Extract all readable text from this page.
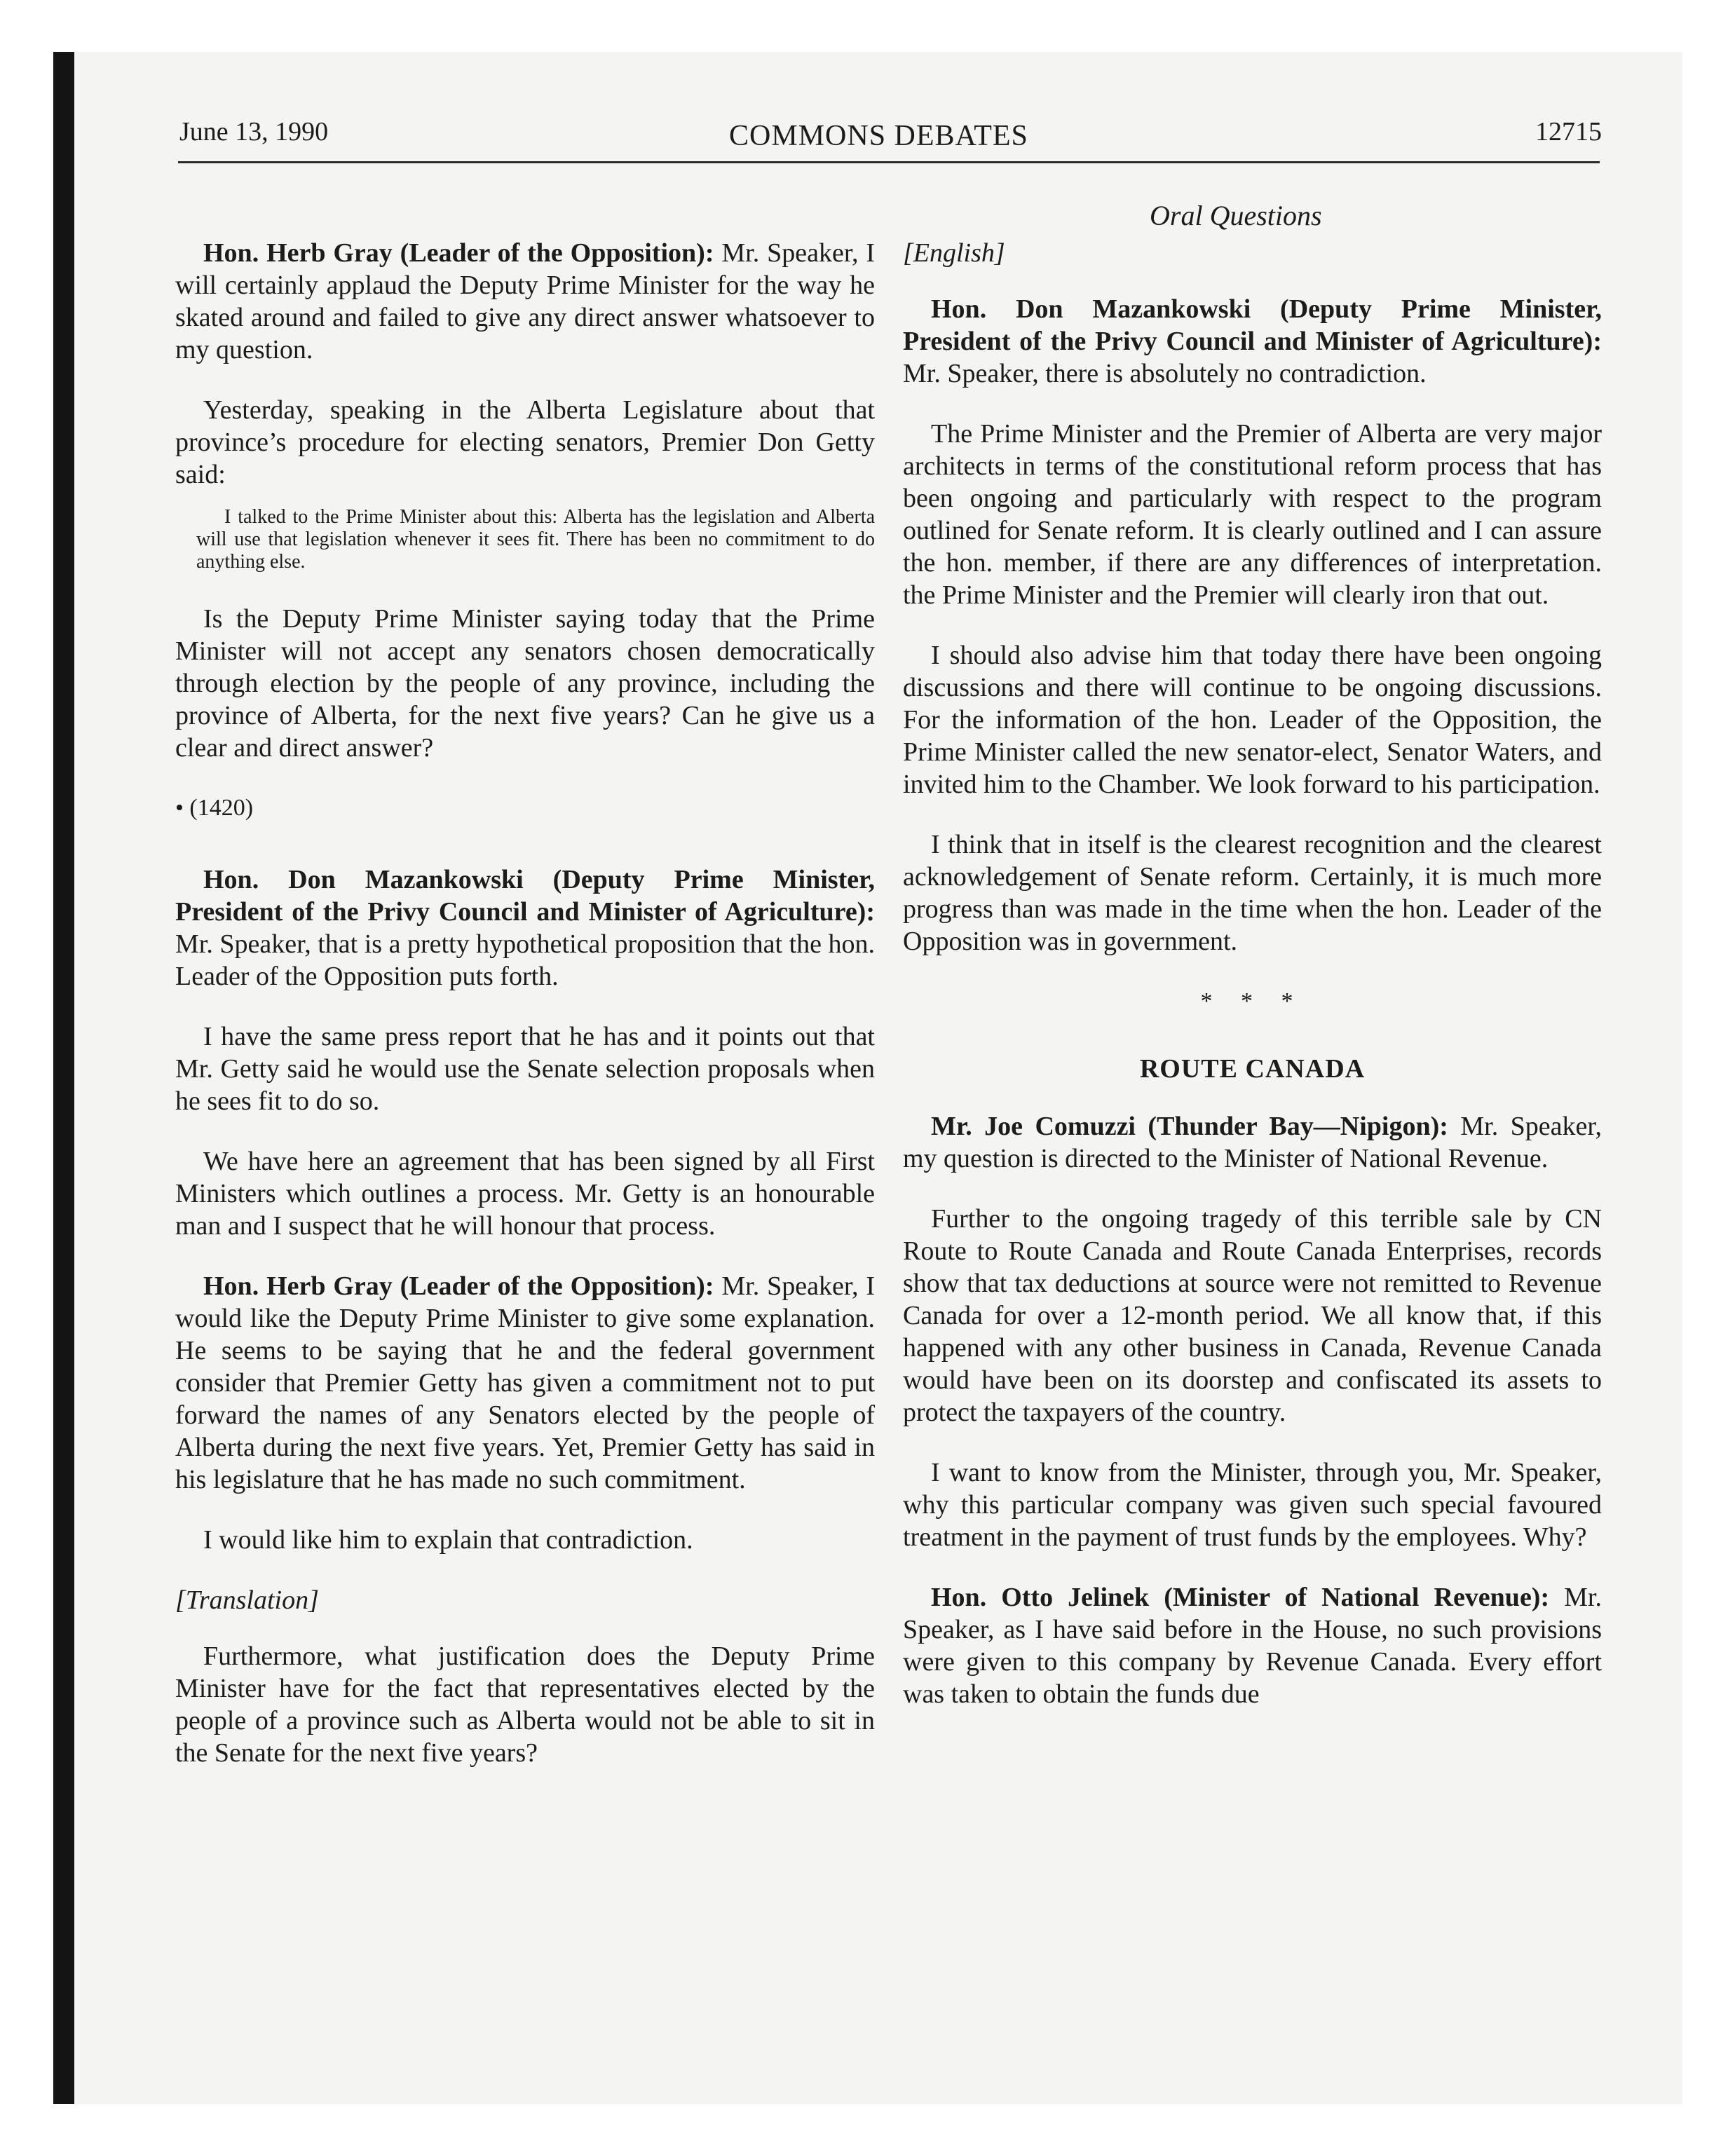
June 13, 1990	COMMONS DEBATES	12715
Oral Questions

Hon. Herb Gray (Leader of the Opposition): Mr. Speaker, I will certainly applaud the Deputy Prime Minister for the way he skated around and failed to give any direct answer whatsoever to my question.

Yesterday, speaking in the Alberta Legislature about that province’s procedure for electing senators, Premier Don Getty said:

I talked to the Prime Minister about this: Alberta has the legislation and Alberta will use that legislation whenever it sees fit. There has been no commitment to do anything else.

Is the Deputy Prime Minister saying today that the Prime Minister will not accept any senators chosen democratically through election by the people of any province, including the province of Alberta, for the next five years? Can he give us a clear and direct answer?

• (1420)

Hon. Don Mazankowski (Deputy Prime Minister, President of the Privy Council and Minister of Agriculture): Mr. Speaker, that is a pretty hypothetical proposition that the hon. Leader of the Opposition puts forth.

I have the same press report that he has and it points out that Mr. Getty said he would use the Senate selection proposals when he sees fit to do so.

We have here an agreement that has been signed by all First Ministers which outlines a process. Mr. Getty is an honourable man and I suspect that he will honour that process.

Hon. Herb Gray (Leader of the Opposition): Mr. Speaker, I would like the Deputy Prime Minister to give some explanation. He seems to be saying that he and the federal government consider that Premier Getty has given a commitment not to put forward the names of any Senators elected by the people of Alberta during the next five years. Yet, Premier Getty has said in his legislature that he has made no such commitment.

I would like him to explain that contradiction.

[Translation]

Furthermore, what justification does the Deputy Prime Minister have for the fact that representatives elected by the people of a province such as Alberta would not be able to sit in the Senate for the next five years?

[English]

Hon. Don Mazankowski (Deputy Prime Minister, President of the Privy Council and Minister of Agriculture): Mr. Speaker, there is absolutely no contradiction.

The Prime Minister and the Premier of Alberta are very major architects in terms of the constitutional reform process that has been ongoing and particularly with respect to the program outlined for Senate reform. It is clearly outlined and I can assure the hon. member, if there are any differences of interpretation. the Prime Minister and the Premier will clearly iron that out.

I should also advise him that today there have been ongoing discussions and there will continue to be ongoing discussions. For the information of the hon. Leader of the Opposition, the Prime Minister called the new senator-elect, Senator Waters, and invited him to the Chamber. We look forward to his participation.

I think that in itself is the clearest recognition and the clearest acknowledgement of Senate reform. Certainly, it is much more progress than was made in the time when the hon. Leader of the Opposition was in government.

* * *
ROUTE CANADA

Mr. Joe Comuzzi (Thunder Bay—Nipigon): Mr. Speaker, my question is directed to the Minister of National Revenue.

Further to the ongoing tragedy of this terrible sale by CN Route to Route Canada and Route Canada Enterprises, records show that tax deductions at source were not remitted to Revenue Canada for over a 12-month period. We all know that, if this happened with any other business in Canada, Revenue Canada would have been on its doorstep and confiscated its assets to protect the taxpayers of the country.

I want to know from the Minister, through you, Mr. Speaker, why this particular company was given such special favoured treatment in the payment of trust funds by the employees. Why?

Hon. Otto Jelinek (Minister of National Revenue): Mr. Speaker, as I have said before in the House, no such provisions were given to this company by Revenue Canada. Every effort was taken to obtain the funds due
